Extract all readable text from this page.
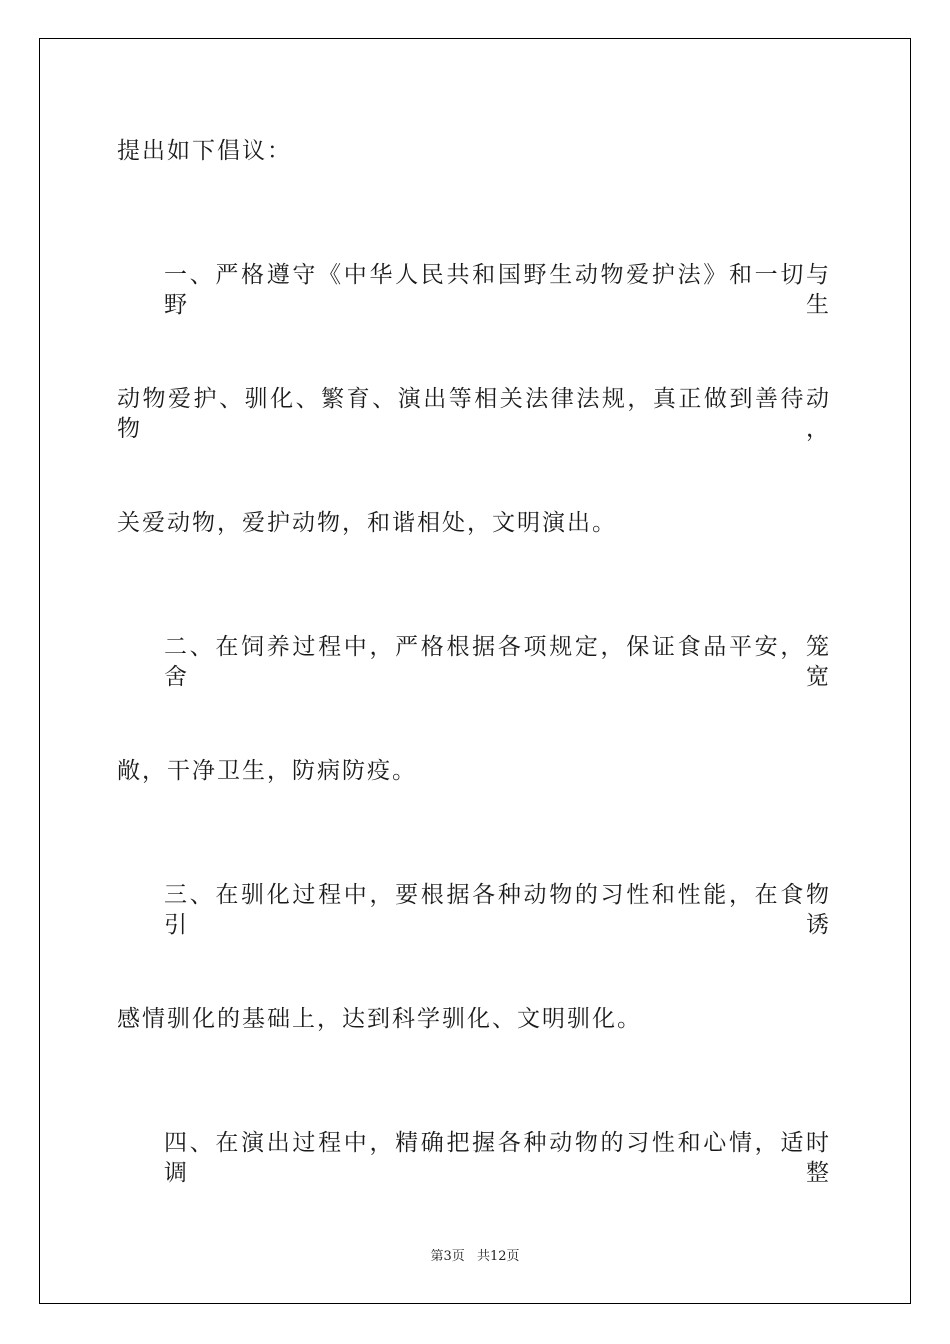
提出如下倡议：
一、严格遵守《中华人民共和国野生动物爱护法》和一切与野生
动物爱护、驯化、繁育、演出等相关法律法规，真正做到善待动物，
关爱动物，爱护动物，和谐相处，文明演出。
二、在饲养过程中，严格根据各项规定，保证食品平安，笼舍宽
敞，干净卫生，防病防疫。
三、在驯化过程中，要根据各种动物的习性和性能，在食物引诱
感情驯化的基础上，达到科学驯化、文明驯化。
四、在演出过程中，精确把握各种动物的习性和心情，适时调整
第3页 共12页
